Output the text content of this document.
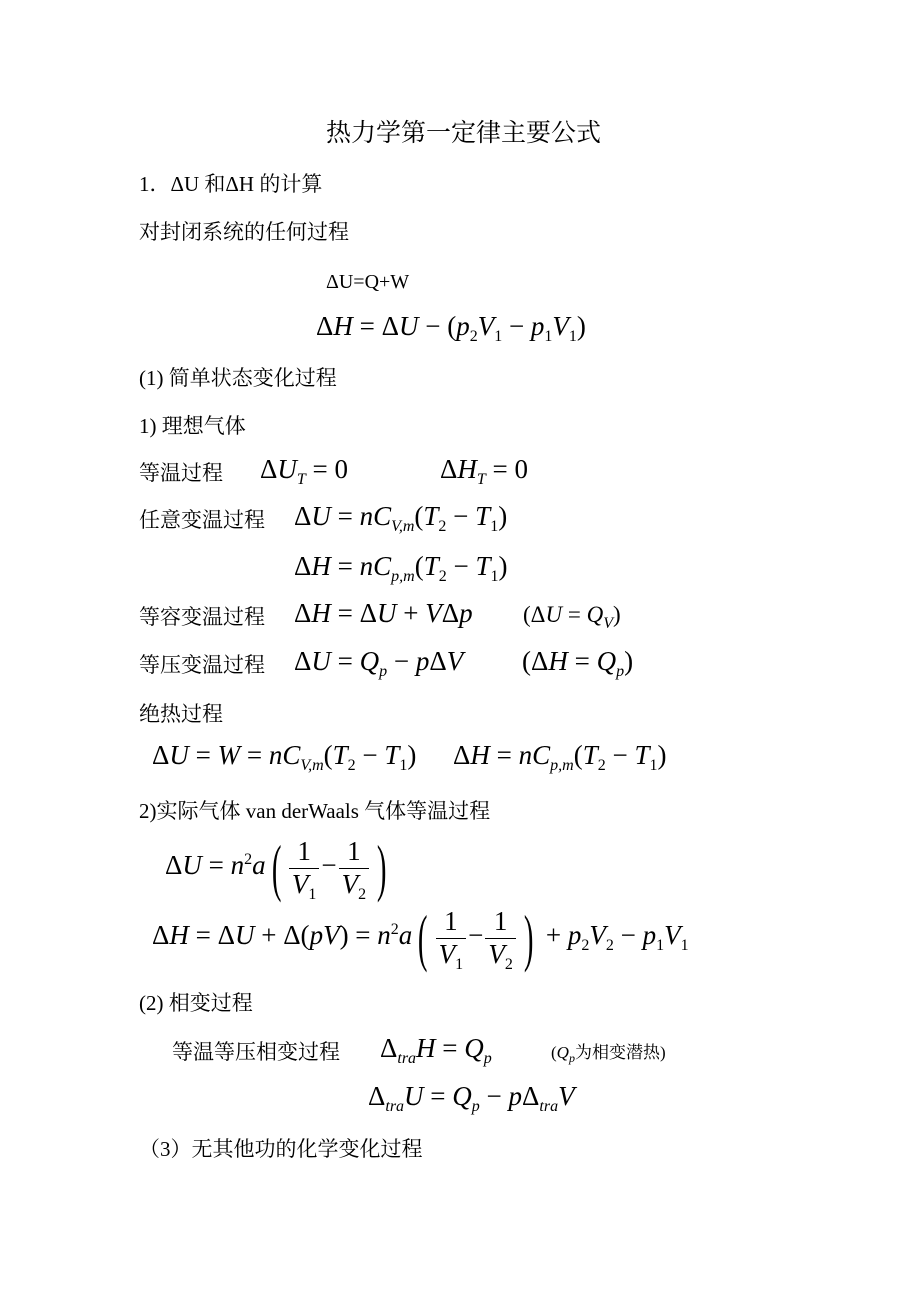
热力学第一定律主要公式
1．ΔU 和ΔH 的计算
对封闭系统的任何过程
ΔU=Q+W
$\Delta H = \Delta U - (p_2V_1 - p_1V_1)$
(1) 简单状态变化过程
1) 理想气体
等温过程 $\Delta U_T = 0$	$\Delta H_T = 0$
任意变温过程 $\Delta U = nC_{V,m}(T_2 - T_1)$
$\Delta H = nC_{p,m}(T_2 - T_1)$
等容变温过程 ΔH = ΔU + VΔp $(\Delta U = Q_V)$
等压变温过程 $\Delta U = Q_p - p\Delta V$ $(\Delta H = Q_p)$
绝热过程
$\Delta U = W = nC_{V,m}(T_2 - T_1) \Delta H = nC_{p,m}(T_2 - T_1)$
2)实际气体 van derWaals 气体等温过程
$\Delta U = n^2a( \frac{1}{V_1} - \frac{1}{V_2}$ )
$\Delta H = \Delta U + \Delta(pV) = n^2a( \frac{1}{V_1} - \frac{1}{V_2}$ ) + $p_2V_2 - p_1V_1$
(2) 相变过程
等温等压相变过程 $\Delta_{tra}H = Q_p$	($Q_p$为相变潜热)
$\Delta_{tra}U = Q_p - p\Delta_{tra}V$
（3）无其他功的化学变化过程
